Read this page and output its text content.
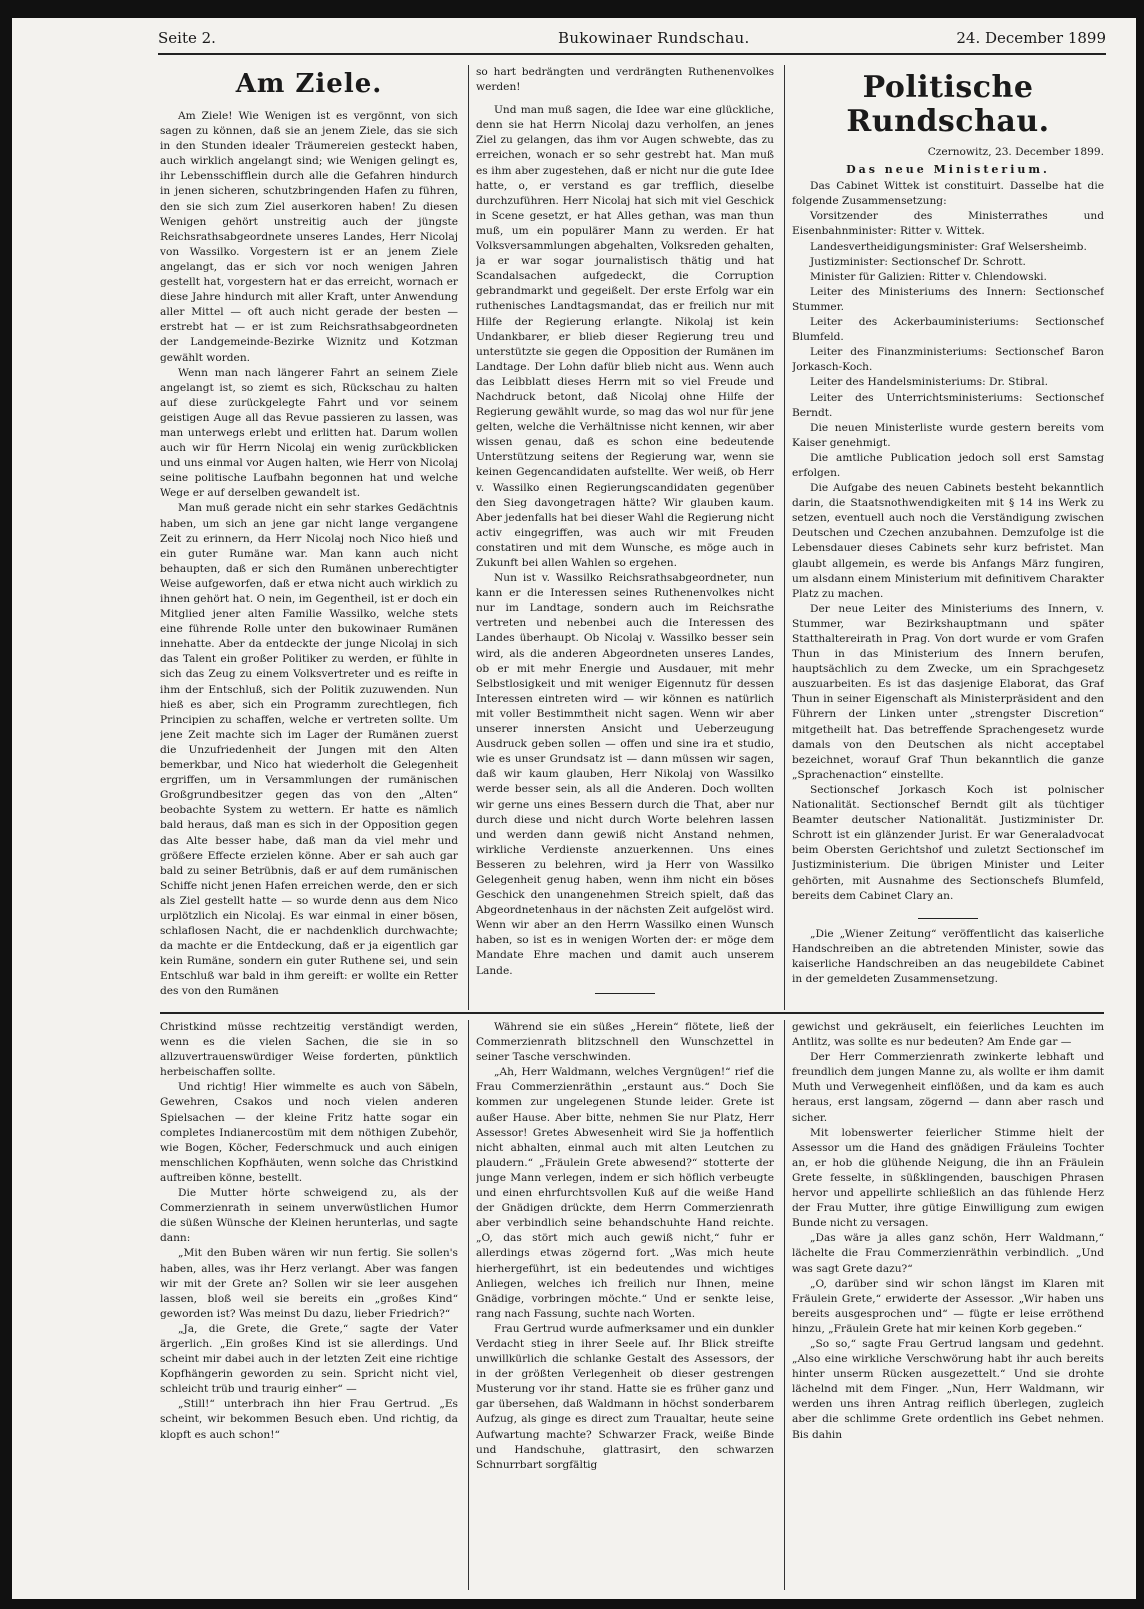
Seite 2.	Bukowinaer Rundschau.	24. December 1899
Am Ziele.

Am Ziele! Wie Wenigen ist es vergönnt, von sich sagen zu können, daß sie an jenem Ziele, das sie sich in den Stunden idealer Träumereien gesteckt haben, auch wirklich angelangt sind; wie Wenigen gelingt es, ihr Lebensschifflein durch alle die Gefahren hindurch in jenen sicheren, schutzbringenden Hafen zu führen, den sie sich zum Ziel auserkoren haben! Zu diesen Wenigen gehört unstreitig auch der jüngste Reichsrathsabgeordnete unseres Landes, Herr Nicolaj von Wassilko. Vorgestern ist er an jenem Ziele angelangt, das er sich vor noch wenigen Jahren gestellt hat, vorgestern hat er das erreicht, wornach er diese Jahre hindurch mit aller Kraft, unter Anwendung aller Mittel — oft auch nicht gerade der besten — erstrebt hat — er ist zum Reichsrathsabgeordneten der Landgemeinde-Bezirke Wiznitz und Kotzman gewählt worden.

Wenn man nach längerer Fahrt an seinem Ziele angelangt ist, so ziemt es sich, Rückschau zu halten auf diese zurückgelegte Fahrt und vor seinem geistigen Auge all das Revue passieren zu lassen, was man unterwegs erlebt und erlitten hat. Darum wollen auch wir für Herrn Nicolaj ein wenig zurückblicken und uns einmal vor Augen halten, wie Herr von Nicolaj seine politische Laufbahn begonnen hat und welche Wege er auf derselben gewandelt ist.

Man muß gerade nicht ein sehr starkes Gedächtnis haben, um sich an jene gar nicht lange vergangene Zeit zu erinnern, da Herr Nicolaj noch Nico hieß und ein guter Rumäne war. Man kann auch nicht behaupten, daß er sich den Rumänen unberechtigter Weise aufgeworfen, daß er etwa nicht auch wirklich zu ihnen gehört hat. O nein, im Gegentheil, ist er doch ein Mitglied jener alten Familie Wassilko, welche stets eine führende Rolle unter den bukowinaer Rumänen innehatte. Aber da entdeckte der junge Nicolaj in sich das Talent ein großer Politiker zu werden, er fühlte in sich das Zeug zu einem Volksvertreter und es reifte in ihm der Entschluß, sich der Politik zuzuwenden. Nun hieß es aber, sich ein Programm zurechtlegen, fich Principien zu schaffen, welche er vertreten sollte. Um jene Zeit machte sich im Lager der Rumänen zuerst die Unzufriedenheit der Jungen mit den Alten bemerkbar, und Nico hat wiederholt die Gelegenheit ergriffen, um in Versammlungen der rumänischen Großgrundbesitzer gegen das von den „Alten“ beobachte System zu wettern. Er hatte es nämlich bald heraus, daß man es sich in der Opposition gegen das Alte besser habe, daß man da viel mehr und größere Effecte erzielen könne. Aber er sah auch gar bald zu seiner Betrübnis, daß er auf dem rumänischen Schiffe nicht jenen Hafen erreichen werde, den er sich als Ziel gestellt hatte — so wurde denn aus dem Nico urplötzlich ein Nicolaj. Es war einmal in einer bösen, schlaflosen Nacht, die er nachdenklich durchwachte; da machte er die Entdeckung, daß er ja eigentlich gar kein Rumäne, sondern ein guter Ruthene sei, und sein Entschluß war bald in ihm gereift: er wollte ein Retter des von den Rumänen

so hart bedrängten und verdrängten Ruthenenvolkes werden!

Und man muß sagen, die Idee war eine glückliche, denn sie hat Herrn Nicolaj dazu verholfen, an jenes Ziel zu gelangen, das ihm vor Augen schwebte, das zu erreichen, wonach er so sehr gestrebt hat. Man muß es ihm aber zugestehen, daß er nicht nur die gute Idee hatte, o, er verstand es gar trefflich, dieselbe durchzuführen. Herr Nicolaj hat sich mit viel Geschick in Scene gesetzt, er hat Alles gethan, was man thun muß, um ein populärer Mann zu werden. Er hat Volksversammlungen abgehalten, Volksreden gehalten, ja er war sogar journalistisch thätig und hat Scandalsachen aufgedeckt, die Corruption gebrandmarkt und gegeißelt. Der erste Erfolg war ein ruthenisches Landtagsmandat, das er freilich nur mit Hilfe der Regierung erlangte. Nikolaj ist kein Undankbarer, er blieb dieser Regierung treu und unterstützte sie gegen die Opposition der Rumänen im Landtage. Der Lohn dafür blieb nicht aus. Wenn auch das Leibblatt dieses Herrn mit so viel Freude und Nachdruck betont, daß Nicolaj ohne Hilfe der Regierung gewählt wurde, so mag das wol nur für jene gelten, welche die Verhältnisse nicht kennen, wir aber wissen genau, daß es schon eine bedeutende Unterstützung seitens der Regierung war, wenn sie keinen Gegencandidaten aufstellte. Wer weiß, ob Herr v. Wassilko einen Regierungscandidaten gegenüber den Sieg davongetragen hätte? Wir glauben kaum. Aber jedenfalls hat bei dieser Wahl die Regierung nicht activ eingegriffen, was auch wir mit Freuden constatiren und mit dem Wunsche, es möge auch in Zukunft bei allen Wahlen so ergehen.

Nun ist v. Wassilko Reichsrathsabgeordneter, nun kann er die Interessen seines Ruthenenvolkes nicht nur im Landtage, sondern auch im Reichsrathe vertreten und nebenbei auch die Interessen des Landes überhaupt. Ob Nicolaj v. Wassilko besser sein wird, als die anderen Abgeordneten unseres Landes, ob er mit mehr Energie und Ausdauer, mit mehr Selbstlosigkeit und mit weniger Eigennutz für dessen Interessen eintreten wird — wir können es natürlich mit voller Bestimmtheit nicht sagen. Wenn wir aber unserer innersten Ansicht und Ueberzeugung Ausdruck geben sollen — offen und sine ira et studio, wie es unser Grundsatz ist — dann müssen wir sagen, daß wir kaum glauben, Herr Nikolaj von Wassilko werde besser sein, als all die Anderen. Doch wollten wir gerne uns eines Bessern durch die That, aber nur durch diese und nicht durch Worte belehren lassen und werden dann gewiß nicht Anstand nehmen, wirkliche Verdienste anzuerkennen. Uns eines Besseren zu belehren, wird ja Herr von Wassilko Gelegenheit genug haben, wenn ihm nicht ein böses Geschick den unangenehmen Streich spielt, daß das Abgeordnetenhaus in der nächsten Zeit aufgelöst wird. Wenn wir aber an den Herrn Wassilko einen Wunsch haben, so ist es in wenigen Worten der: er möge dem Mandate Ehre machen und damit auch unserem Lande.

Politische Rundschau.
Czernowitz, 23. December 1899.
Das neue Ministerium.

Das Cabinet Wittek ist constituirt. Dasselbe hat die folgende Zusammensetzung:

Vorsitzender des Ministerrathes und Eisenbahnminister: Ritter v. Wittek.

Landesvertheidigungsminister: Graf Welsersheimb.

Justizminister: Sectionschef Dr. Schrott.

Minister für Galizien: Ritter v. Chlendowski.

Leiter des Ministeriums des Innern: Sectionschef Stummer.

Leiter des Ackerbauministeriums: Sectionschef Blumfeld.

Leiter des Finanzministeriums: Sectionschef Baron Jorkasch-Koch.

Leiter des Handelsministeriums: Dr. Stibral.

Leiter des Unterrichtsministeriums: Sectionschef Berndt.

Die neuen Ministerliste wurde gestern bereits vom Kaiser genehmigt.

Die amtliche Publication jedoch soll erst Samstag erfolgen.

Die Aufgabe des neuen Cabinets besteht bekanntlich darin, die Staatsnothwendigkeiten mit § 14 ins Werk zu setzen, eventuell auch noch die Verständigung zwischen Deutschen und Czechen anzubahnen. Demzufolge ist die Lebensdauer dieses Cabinets sehr kurz befristet. Man glaubt allgemein, es werde bis Anfangs März fungiren, um alsdann einem Ministerium mit definitivem Charakter Platz zu machen.

Der neue Leiter des Ministeriums des Innern, v. Stummer, war Bezirkshauptmann und später Statthaltereirath in Prag. Von dort wurde er vom Grafen Thun in das Ministerium des Innern berufen, hauptsächlich zu dem Zwecke, um ein Sprachgesetz auszuarbeiten. Es ist das dasjenige Elaborat, das Graf Thun in seiner Eigenschaft als Ministerpräsident and den Führern der Linken unter „strengster Discretion“ mitgetheilt hat. Das betreffende Sprachengesetz wurde damals von den Deutschen als nicht acceptabel bezeichnet, worauf Graf Thun bekanntlich die ganze „Sprachenaction“ einstellte.

Sectionschef Jorkasch Koch ist polnischer Nationalität. Sectionschef Berndt gilt als tüchtiger Beamter deutscher Nationalität. Justizminister Dr. Schrott ist ein glänzender Jurist. Er war Generaladvocat beim Obersten Gerichtshof und zuletzt Sectionschef im Justizministerium. Die übrigen Minister und Leiter gehörten, mit Ausnahme des Sectionschefs Blumfeld, bereits dem Cabinet Clary an.

„Die „Wiener Zeitung“ veröffentlicht das kaiserliche Handschreiben an die abtretenden Minister, sowie das kaiserliche Handschreiben an das neugebildete Cabinet in der gemeldeten Zusammensetzung.

Christkind müsse rechtzeitig verständigt werden, wenn es die vielen Sachen, die sie in so allzuvertrauenswürdiger Weise forderten, pünktlich herbeischaffen sollte.

Und richtig! Hier wimmelte es auch von Säbeln, Gewehren, Csakos und noch vielen anderen Spielsachen — der kleine Fritz hatte sogar ein completes Indianercostüm mit dem nöthigen Zubehör, wie Bogen, Köcher, Federschmuck und auch einigen menschlichen Kopfhäuten, wenn solche das Christkind auftreiben könne, bestellt.

Die Mutter hörte schweigend zu, als der Commerzienrath in seinem unverwüstlichen Humor die süßen Wünsche der Kleinen herunterlas, und sagte dann:

„Mit den Buben wären wir nun fertig. Sie sollen's haben, alles, was ihr Herz verlangt. Aber was fangen wir mit der Grete an? Sollen wir sie leer ausgehen lassen, bloß weil sie bereits ein „großes Kind“ geworden ist? Was meinst Du dazu, lieber Friedrich?“

„Ja, die Grete, die Grete,“ sagte der Vater ärgerlich. „Ein großes Kind ist sie allerdings. Und scheint mir dabei auch in der letzten Zeit eine richtige Kopfhängerin geworden zu sein. Spricht nicht viel, schleicht trüb und traurig einher“ —

„Still!“ unterbrach ihn hier Frau Gertrud. „Es scheint, wir bekommen Besuch eben. Und richtig, da klopft es auch schon!“

Während sie ein süßes „Herein“ flötete, ließ der Commerzienrath blitzschnell den Wunschzettel in seiner Tasche verschwinden.

„Ah, Herr Waldmann, welches Vergnügen!“ rief die Frau Commerzienräthin „erstaunt aus.“ Doch Sie kommen zur ungelegenen Stunde leider. Grete ist außer Hause. Aber bitte, nehmen Sie nur Platz, Herr Assessor! Gretes Abwesenheit wird Sie ja hoffentlich nicht abhalten, einmal auch mit alten Leutchen zu plaudern.“ „Fräulein Grete abwesend?“ stotterte der junge Mann verlegen, indem er sich höflich verbeugte und einen ehrfurchtsvollen Kuß auf die weiße Hand der Gnädigen drückte, dem Herrn Commerzienrath aber verbindlich seine behandschuhte Hand reichte. „O, das stört mich auch gewiß nicht,“ fuhr er allerdings etwas zögernd fort. „Was mich heute hierhergeführt, ist ein bedeutendes und wichtiges Anliegen, welches ich freilich nur Ihnen, meine Gnädige, vorbringen möchte.“ Und er senkte leise, rang nach Fassung, suchte nach Worten.

Frau Gertrud wurde aufmerksamer und ein dunkler Verdacht stieg in ihrer Seele auf. Ihr Blick streifte unwillkürlich die schlanke Gestalt des Assessors, der in der größten Verlegenheit ob dieser gestrengen Musterung vor ihr stand. Hatte sie es früher ganz und gar übersehen, daß Waldmann in höchst sonderbarem Aufzug, als ginge es direct zum Traualtar, heute seine Aufwartung machte? Schwarzer Frack, weiße Binde und Handschuhe, glattrasirt, den schwarzen Schnurrbart sorgfältig

gewichst und gekräuselt, ein feierliches Leuchten im Antlitz, was sollte es nur bedeuten? Am Ende gar —

Der Herr Commerzienrath zwinkerte lebhaft und freundlich dem jungen Manne zu, als wollte er ihm damit Muth und Verwegenheit einflößen, und da kam es auch heraus, erst langsam, zögernd — dann aber rasch und sicher.

Mit lobenswerter feierlicher Stimme hielt der Assessor um die Hand des gnädigen Fräuleins Tochter an, er hob die glühende Neigung, die ihn an Fräulein Grete fesselte, in süßklingenden, bauschigen Phrasen hervor und appellirte schließlich an das fühlende Herz der Frau Mutter, ihre gütige Einwilligung zum ewigen Bunde nicht zu versagen.

„Das wäre ja alles ganz schön, Herr Waldmann,“ lächelte die Frau Commerzienräthin verbindlich. „Und was sagt Grete dazu?“

„O, darüber sind wir schon längst im Klaren mit Fräulein Grete,“ erwiderte der Assessor. „Wir haben uns bereits ausgesprochen und“ — fügte er leise erröthend hinzu, „Fräulein Grete hat mir keinen Korb gegeben.“

„So so,“ sagte Frau Gertrud langsam und gedehnt. „Also eine wirkliche Verschwörung habt ihr auch bereits hinter unserm Rücken ausgezettelt.“ Und sie drohte lächelnd mit dem Finger. „Nun, Herr Waldmann, wir werden uns ihren Antrag reiflich überlegen, zugleich aber die schlimme Grete ordentlich ins Gebet nehmen. Bis dahin
